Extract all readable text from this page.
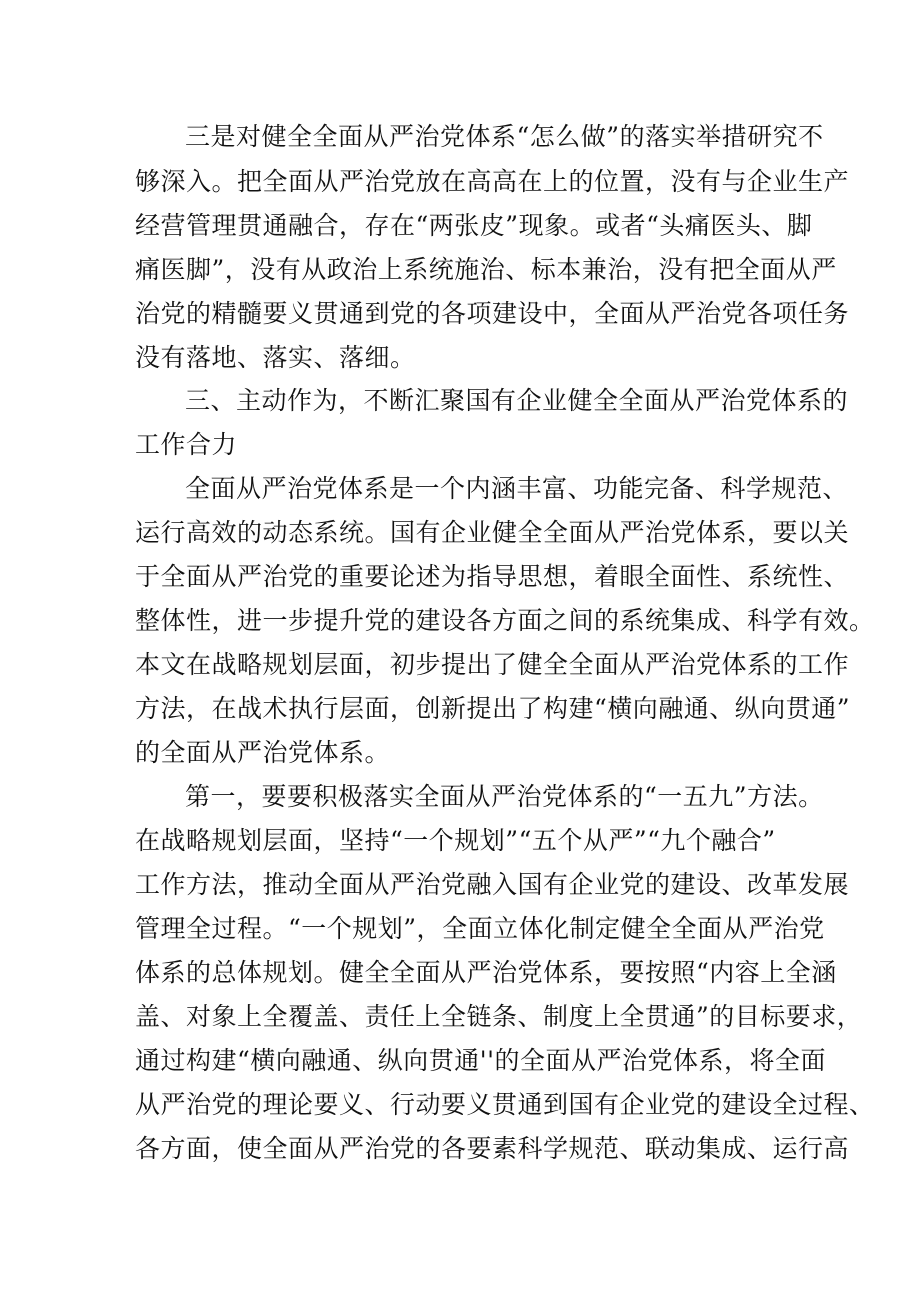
三是对健全全面从严治党体系“怎么做”的落实举措研究不
够深入。把全面从严治党放在高高在上的位置，没有与企业生产
经营管理贯通融合，存在“两张皮”现象。或者“头痛医头、脚
痛医脚”，没有从政治上系统施治、标本兼治，没有把全面从严
治党的精髓要义贯通到党的各项建设中，全面从严治党各项任务
没有落地、落实、落细。
三、主动作为，不断汇聚国有企业健全全面从严治党体系的
工作合力
全面从严治党体系是一个内涵丰富、功能完备、科学规范、
运行高效的动态系统。国有企业健全全面从严治党体系，要以关
于全面从严治党的重要论述为指导思想，着眼全面性、系统性、
整体性，进一步提升党的建设各方面之间的系统集成、科学有效。
本文在战略规划层面，初步提出了健全全面从严治党体系的工作
方法，在战术执行层面，创新提出了构建“横向融通、纵向贯通”
的全面从严治党体系。
第一，要要积极落实全面从严治党体系的“一五九”方法。
在战略规划层面，坚持“一个规划”“五个从严”“九个融合”
工作方法，推动全面从严治党融入国有企业党的建设、改革发展
管理全过程。“一个规划”，全面立体化制定健全全面从严治党
体系的总体规划。健全全面从严治党体系，要按照“内容上全涵
盖、对象上全覆盖、责任上全链条、制度上全贯通”的目标要求，
通过构建“横向融通、纵向贯通''的全面从严治党体系，将全面
从严治党的理论要义、行动要义贯通到国有企业党的建设全过程、
各方面，使全面从严治党的各要素科学规范、联动集成、运行高
